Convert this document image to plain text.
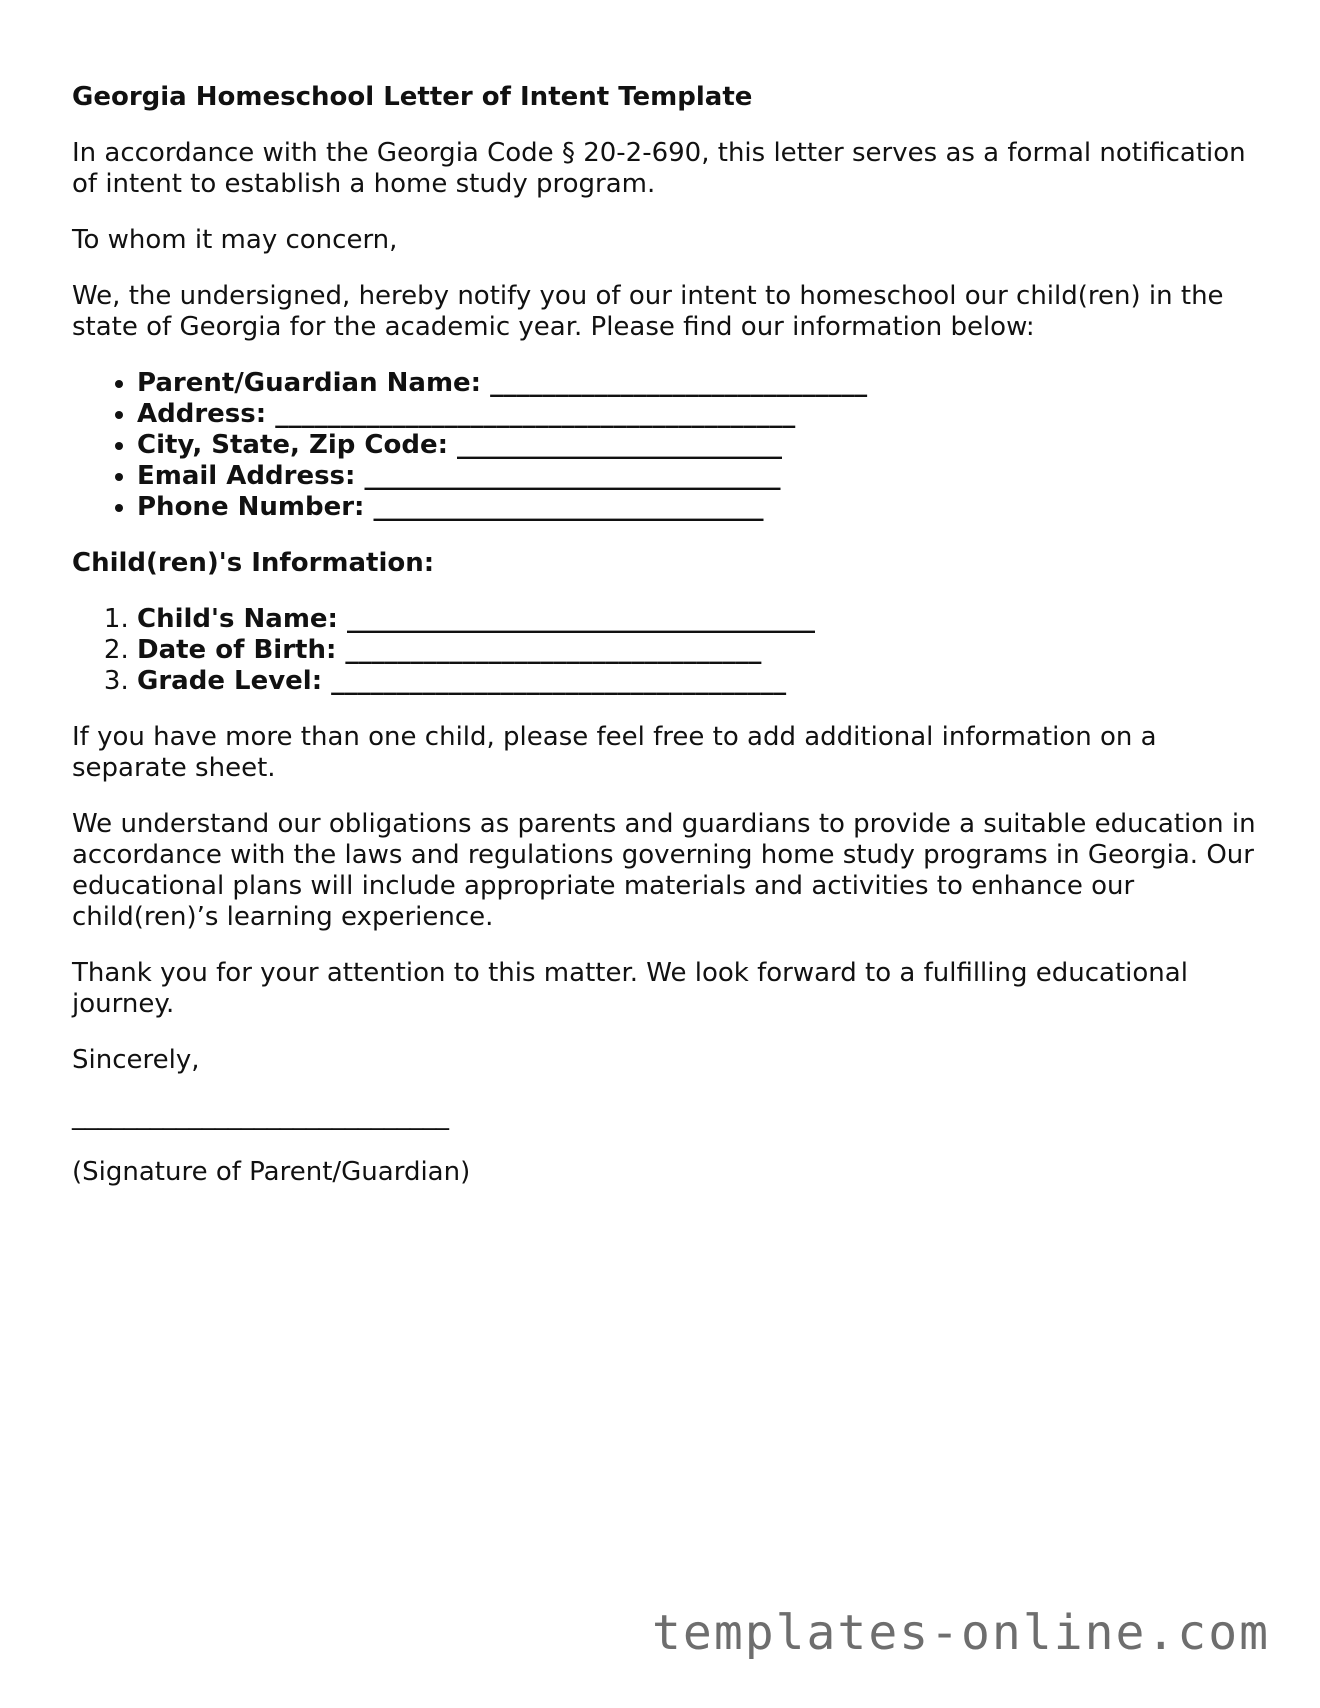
Georgia Homeschool Letter of Intent Template

In accordance with the Georgia Code § 20-2-690, this letter serves as a formal notification of intent to establish a home study program.

To whom it may concern,

We, the undersigned, hereby notify you of our intent to homeschool our child(ren) in the state of Georgia for the academic year. Please find our information below:

• Parent/Guardian Name: _____________________________
• Address: ________________________________________
• City, State, Zip Code: _________________________
• Email Address: ________________________________
• Phone Number: ______________________________

Child(ren)'s Information:

1. Child's Name: ____________________________________
2. Date of Birth: ________________________________
3. Grade Level: ___________________________________

If you have more than one child, please feel free to add additional information on a separate sheet.

We understand our obligations as parents and guardians to provide a suitable education in accordance with the laws and regulations governing home study programs in Georgia. Our educational plans will include appropriate materials and activities to enhance our child(ren)’s learning experience.

Thank you for your attention to this matter. We look forward to a fulfilling educational journey.

Sincerely,

_____________________________

(Signature of Parent/Guardian)

templates-online.com
